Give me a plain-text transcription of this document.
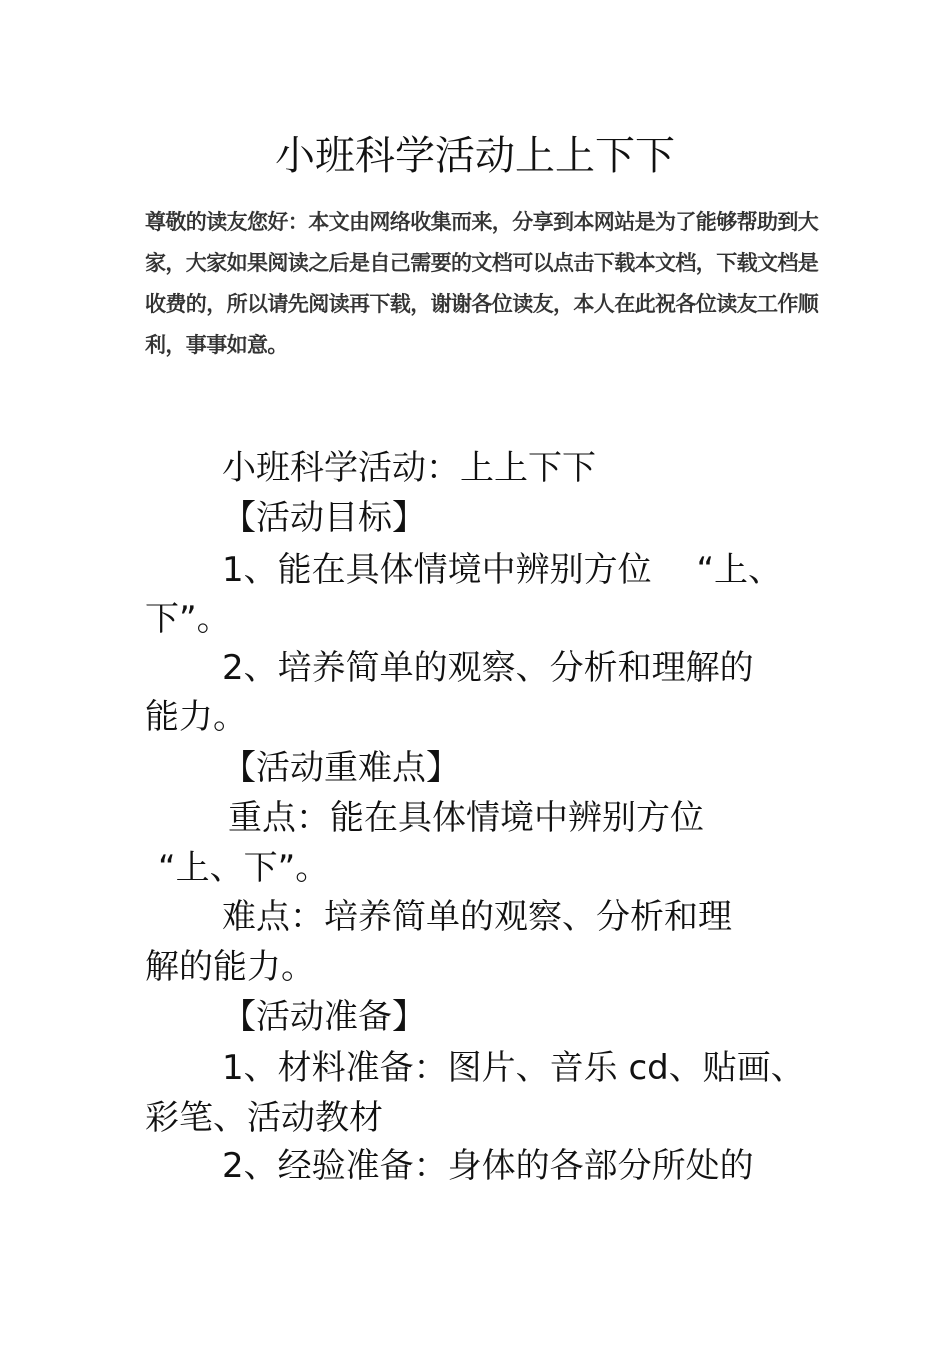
小班科学活动上上下下
尊敬的读友您好：本文由网络收集而来，分享到本网站是为了能够帮助到大
家，大家如果阅读之后是自己需要的文档可以点击下载本文档，下载文档是
收费的，所以请先阅读再下载，谢谢各位读友，本人在此祝各位读友工作顺
利，事事如意。

小班科学活动：上上下下

【活动目标】

1、能在具体情境中辨别方位　 “上、

下”。

2、培养简单的观察、分析和理解的

能力。

【活动重难点】

重点：能在具体情境中辨别方位

“上、下”。

难点：培养简单的观察、分析和理

解的能力。

【活动准备】

1、材料准备：图片、音乐 cd、贴画、

彩笔、活动教材

2、经验准备：身体的各部分所处的
